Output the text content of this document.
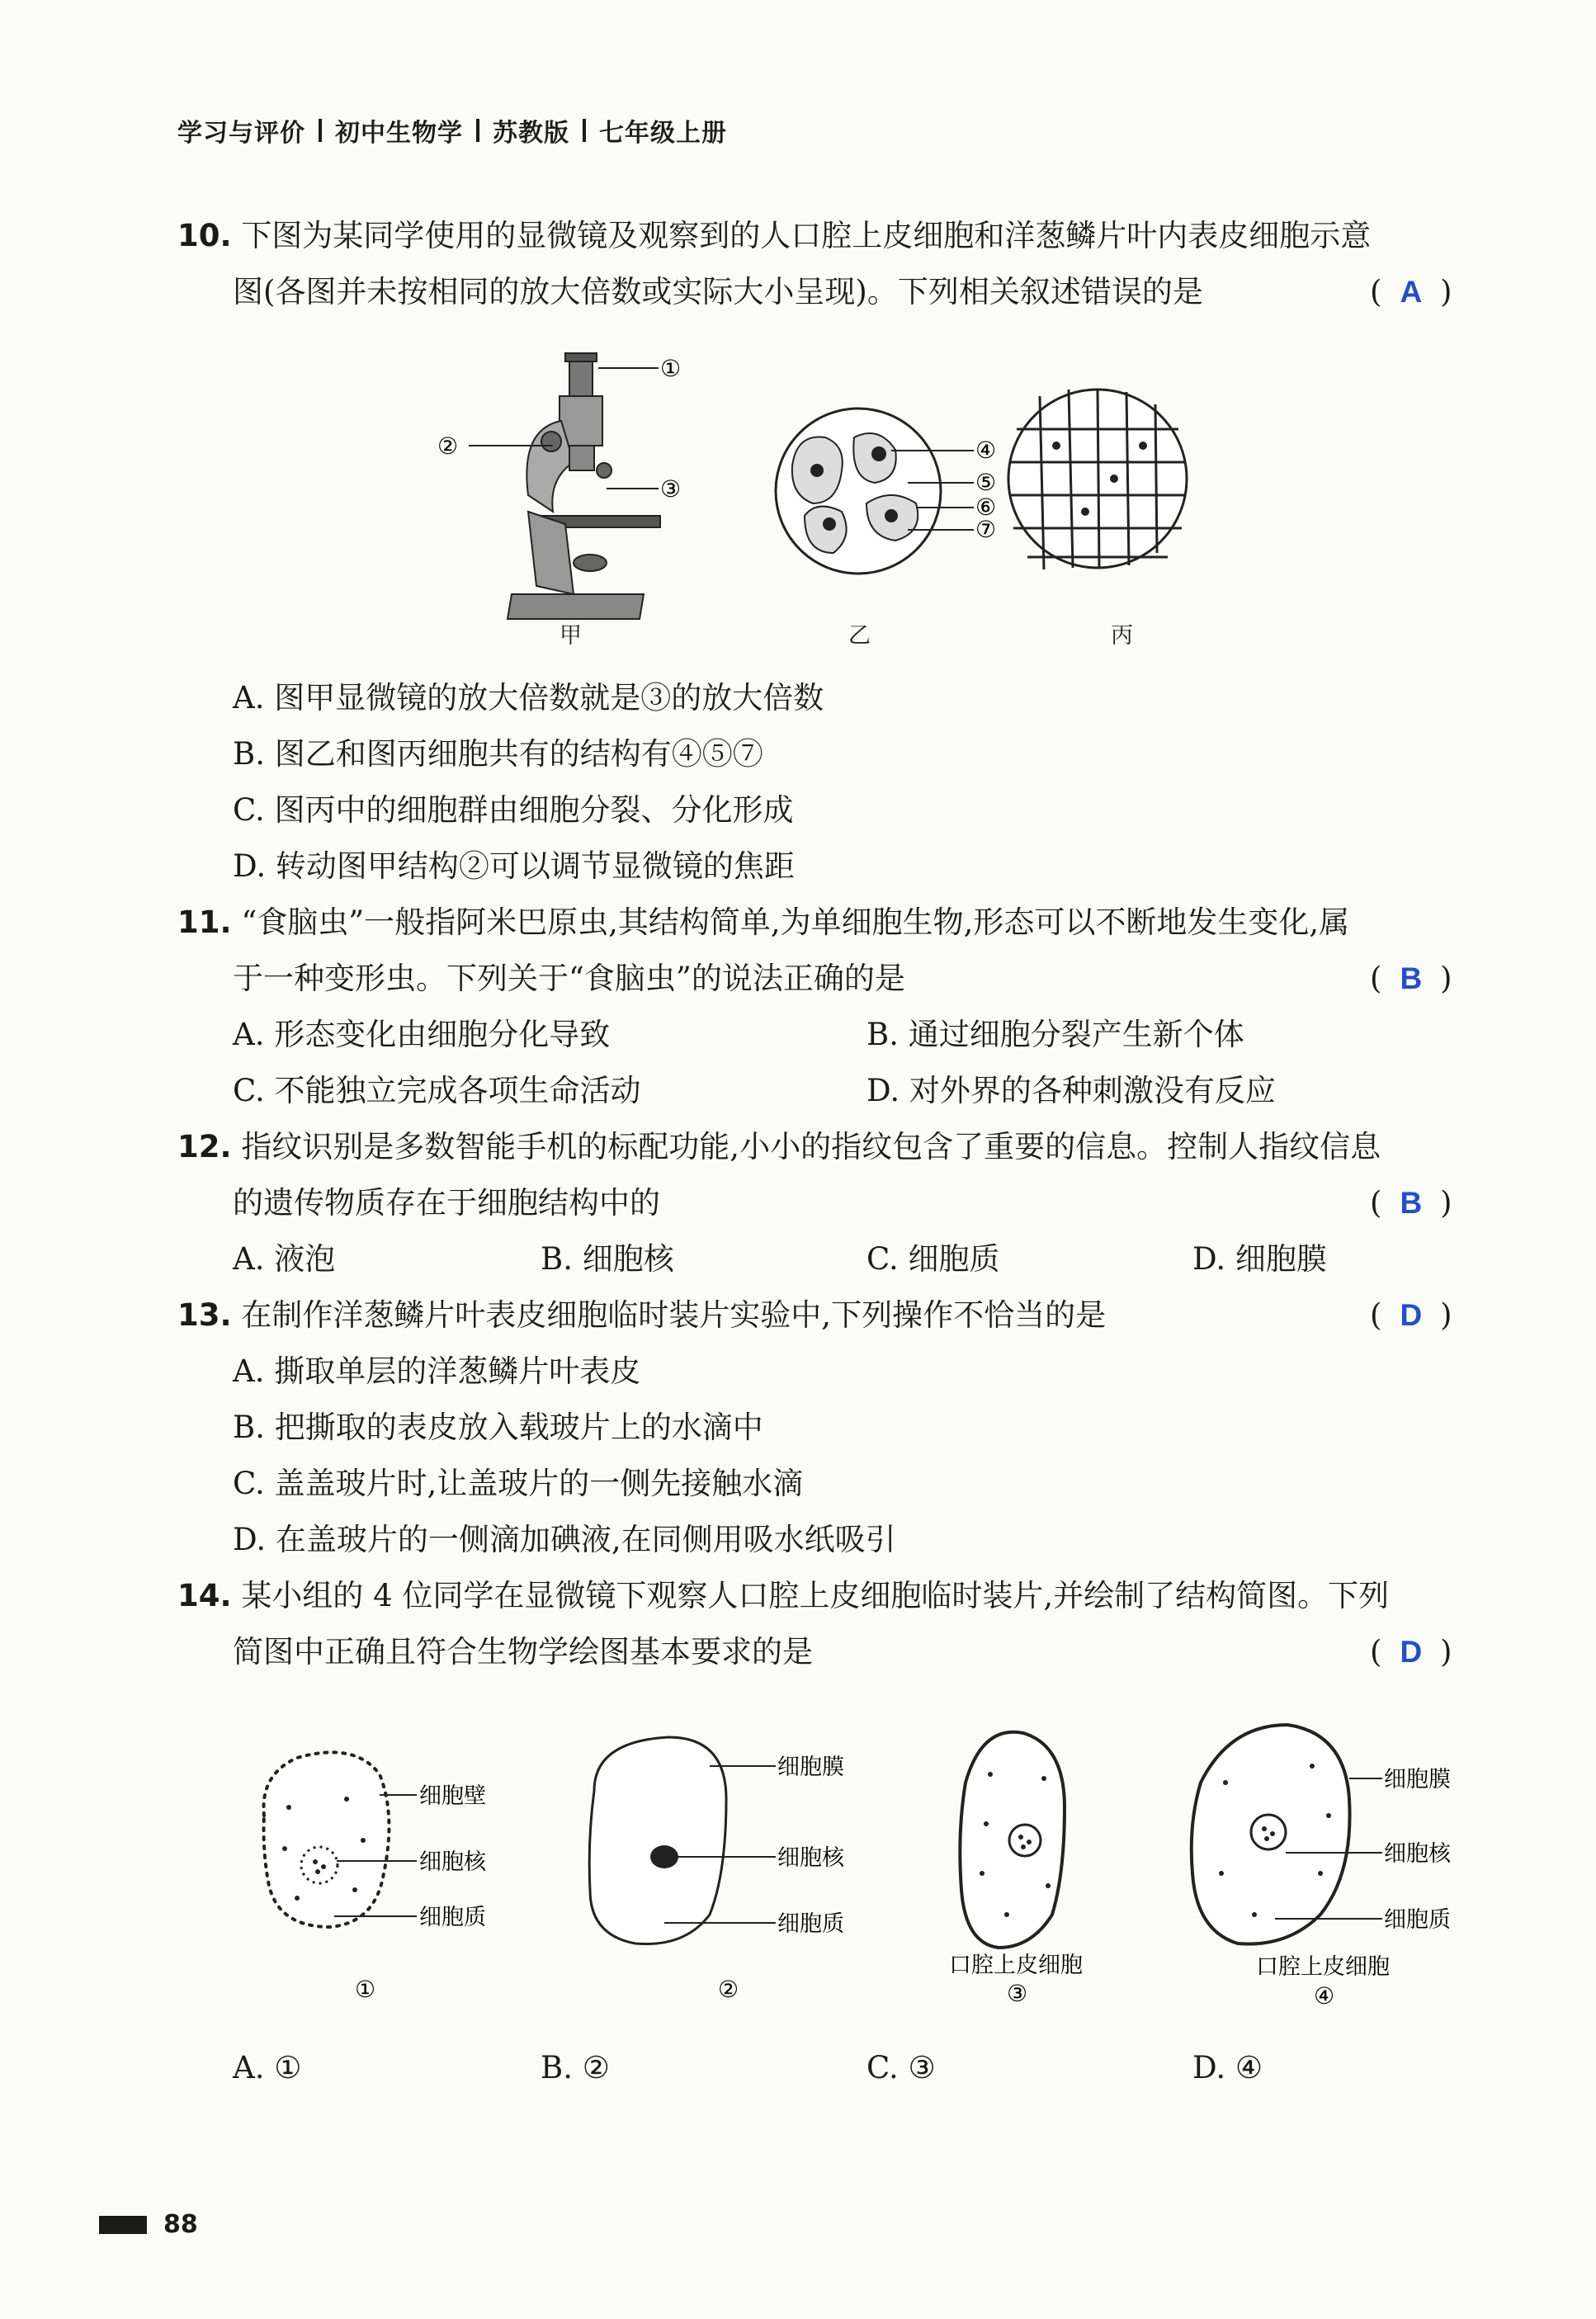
学习与评价 初中生物学 苏教版 七年级上册
10. 下图为某同学使用的显微镜及观察到的人口腔上皮细胞和洋葱鳞片叶内表皮细胞示意
图(各图并未按相同的放大倍数或实际大小呈现)。下列相关叙述错误的是	( A )
①
②
③
④
⑤
⑥
⑦
甲	乙	丙
A. 图甲显微镜的放大倍数就是③的放大倍数
B. 图乙和图丙细胞共有的结构有④⑤⑦
C. 图丙中的细胞群由细胞分裂、分化形成
D. 转动图甲结构②可以调节显微镜的焦距
11. “食脑虫”一般指阿米巴原虫,其结构简单,为单细胞生物,形态可以不断地发生变化,属
于一种变形虫。下列关于“食脑虫”的说法正确的是	( B )
A. 形态变化由细胞分化导致	B. 通过细胞分裂产生新个体
C. 不能独立完成各项生命活动	D. 对外界的各种刺激没有反应
12. 指纹识别是多数智能手机的标配功能,小小的指纹包含了重要的信息。控制人指纹信息
的遗传物质存在于细胞结构中的	( B )
A. 液泡	B. 细胞核	C. 细胞质	D. 细胞膜
13. 在制作洋葱鳞片叶表皮细胞临时装片实验中,下列操作不恰当的是	( D )
A. 撕取单层的洋葱鳞片叶表皮
B. 把撕取的表皮放入载玻片上的水滴中
C. 盖盖玻片时,让盖玻片的一侧先接触水滴
D. 在盖玻片的一侧滴加碘液,在同侧用吸水纸吸引
14. 某小组的 4 位同学在显微镜下观察人口腔上皮细胞临时装片,并绘制了结构简图。下列
简图中正确且符合生物学绘图基本要求的是	( D )
细胞壁
细胞核
细胞质
①
细胞膜
细胞核
细胞质
②
口腔上皮细胞
③
细胞膜
细胞核
细胞质
口腔上皮细胞
④
A. ①	B. ②	C. ③	D. ④
88
